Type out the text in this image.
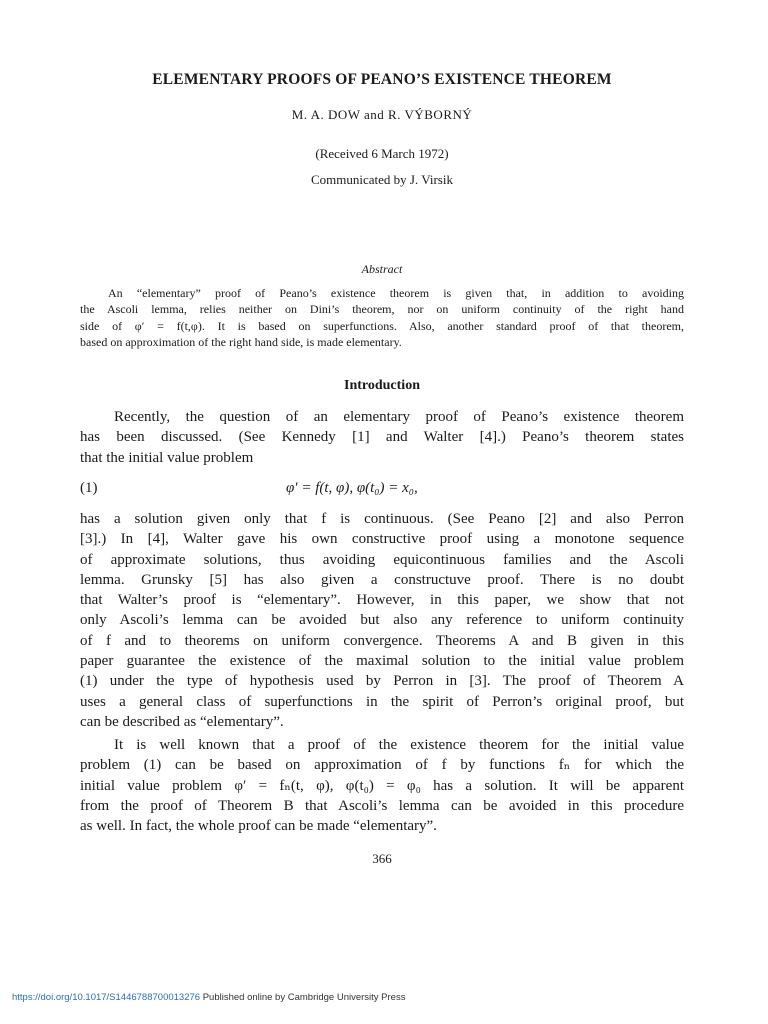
ELEMENTARY PROOFS OF PEANO’S EXISTENCE THEOREM
M. A. DOW and R. VÝBORNÝ
(Received 6 March 1972)
Communicated by J. Virsik
Abstract
An “elementary” proof of Peano’s existence theorem is given that, in addition to avoiding
the Ascoli lemma, relies neither on Dini’s theorem, nor on uniform continuity of the right hand
side of φ′ = f(t,φ). It is based on superfunctions. Also, another standard proof of that theorem,
based on approximation of the right hand side, is made elementary.
Introduction
Recently, the question of an elementary proof of Peano’s existence theorem
has been discussed. (See Kennedy [1] and Walter [4].) Peano’s theorem states
that the initial value problem
(1)	φ′ = f(t, φ), φ(t₀) = x₀,
has a solution given only that f is continuous. (See Peano [2] and also Perron
[3].) In [4], Walter gave his own constructive proof using a monotone sequence
of approximate solutions, thus avoiding equicontinuous families and the Ascoli
lemma. Grunsky [5] has also given a constructuve proof. There is no doubt
that Walter’s proof is “elementary”. However, in this paper, we show that not
only Ascoli’s lemma can be avoided but also any reference to uniform continuity
of f and to theorems on uniform convergence. Theorems A and B given in this
paper guarantee the existence of the maximal solution to the initial value problem
(1) under the type of hypothesis used by Perron in [3]. The proof of Theorem A
uses a general class of superfunctions in the spirit of Perron’s original proof, but
can be described as “elementary”.
It is well known that a proof of the existence theorem for the initial value
problem (1) can be based on approximation of f by functions fₙ for which the
initial value problem φ′ = fₙ(t, φ), φ(t₀) = φ₀ has a solution. It will be apparent
from the proof of Theorem B that Ascoli’s lemma can be avoided in this procedure
as well. In fact, the whole proof can be made “elementary”.
366
https://doi.org/10.1017/S1446788700013276 Published online by Cambridge University Press
